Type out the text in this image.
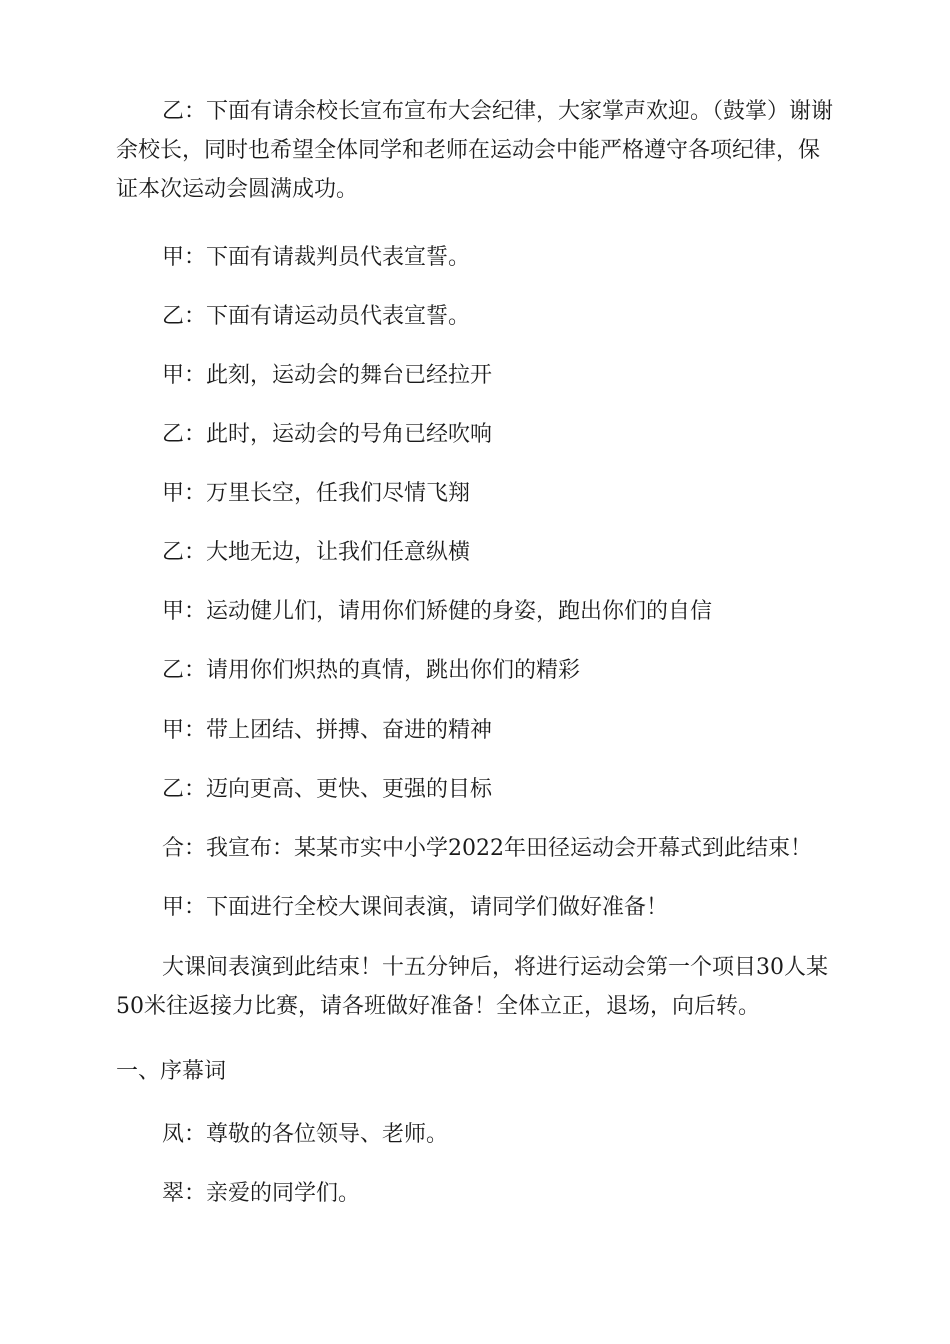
乙：下面有请余校长宣布宣布大会纪律，大家掌声欢迎。（鼓掌）谢谢余校长，同时也希望全体同学和老师在运动会中能严格遵守各项纪律，保证本次运动会圆满成功。

甲：下面有请裁判员代表宣誓。

乙：下面有请运动员代表宣誓。

甲：此刻，运动会的舞台已经拉开

乙：此时，运动会的号角已经吹响

甲：万里长空，任我们尽情飞翔

乙：大地无边，让我们任意纵横

甲：运动健儿们，请用你们矫健的身姿，跑出你们的自信

乙：请用你们炽热的真情，跳出你们的精彩

甲：带上团结、拼搏、奋进的精神

乙：迈向更高、更快、更强的目标

合：我宣布：某某市实中小学2022年田径运动会开幕式到此结束！

甲：下面进行全校大课间表演，请同学们做好准备！

大课间表演到此结束！十五分钟后，将进行运动会第一个项目30人某50米往返接力比赛，请各班做好准备！全体立正，退场，向后转。

一、序幕词

凤：尊敬的各位领导、老师。

翠：亲爱的同学们。
